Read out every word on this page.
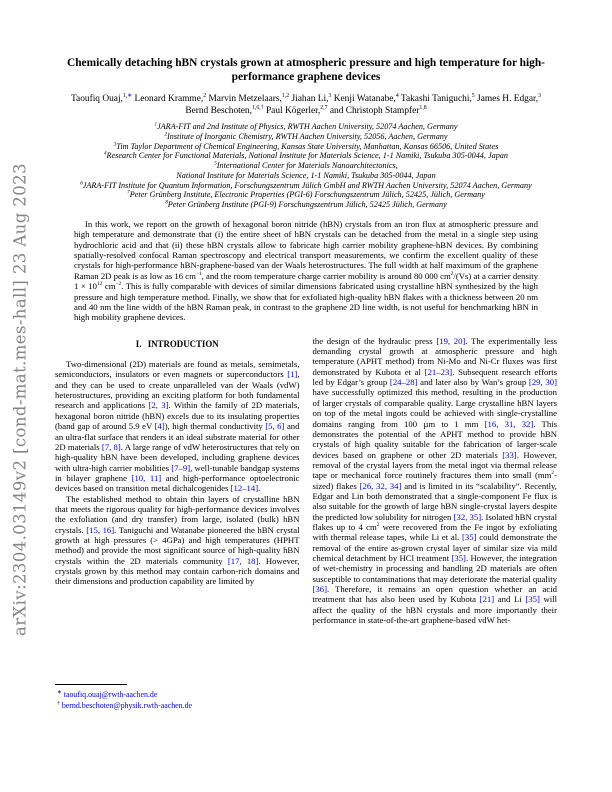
arXiv:2304.03149v2 [cond-mat.mes-hall] 23 Aug 2023
Chemically detaching hBN crystals grown at atmospheric pressure and high temperature for high-performance graphene devices
Taoufiq Ouaj,$^{1,∗}$ Leonard Kramme,$^2$ Marvin Metzelaars,$^{1,2}$ Jiahan Li,$^3$ Kenji Watanabe,$^4$ Takashi Taniguchi,$^5$ James H. Edgar,$^3$ Bernd Beschoten,$^{1,6,\dagger}$ Paul Kögerler,$^{2,7}$ and Christoph Stampfer$^{1,8}$
$^1$JARA-FIT and 2nd Institute of Physics, RWTH Aachen University, 52074 Aachen, Germany
$^2$Institute of Inorganic Chemistry, RWTH Aachen University, 52056, Aachen, Germany
$^3$Tim Taylor Department of Chemical Engineering, Kansas State University, Manhattan, Kansas 66506, United States
$^4$Research Center for Functional Materials, National Institute for Materials Science, 1-1 Namiki, Tsukuba 305-0044, Japan
$^5$International Center for Materials Nanoarchitectonics,
National Institute for Materials Science, 1-1 Namiki, Tsukuba 305-0044, Japan
$^6$JARA-FIT Institute for Quantum Information, Forschungszentrum Jülich GmbH and RWTH Aachen University, 52074 Aachen, Germany
$^7$Peter Grünberg Institute, Electronic Properties (PGI-6) Forschungszentrum Jülich, 52425, Jülich, Germany
$^8$Peter Grünberg Institute (PGI-9) Forschungszentrum Jülich, 52425 Jülich, Germany
In this work, we report on the growth of hexagonal boron nitride (hBN) crystals from an iron flux at atmospheric pressure and high temperature and demonstrate that (i) the entire sheet of hBN crystals can be detached from the metal in a single step using hydrochloric acid and that (ii) these hBN crystals allow to fabricate high carrier mobility graphene-hBN devices. By combining spatially-resolved confocal Raman spectroscopy and electrical transport measurements, we confirm the excellent quality of these crystals for high-performance hBN-graphene-based van der Waals heterostructures. The full width at half maximum of the graphene Raman 2D peak is as low as 16 $cm^{-1}$, and the room temperature charge carrier mobility is around 80 000 $cm^2/(Vs)$ at a carrier density $1 \times 10^{12}$ $cm^{-2}$. This is fully comparable with devices of similar dimensions fabricated using crystalline hBN synthesized by the high pressure and high temperature method. Finally, we show that for exfoliated high-quality hBN flakes with a thickness between 20 nm and 40 nm the line width of the hBN Raman peak, in contrast to the graphene 2D line width, is not useful for benchmarking hBN in high mobility graphene devices.
I. INTRODUCTION

Two-dimensional (2D) materials are found as metals, semimetals, semiconductors, insulators or even magnets or superconductors [1], and they can be used to create unparalleled van der Waals (vdW) heterostructures, providing an exciting platform for both fundamental research and applications [2, 3]. Within the family of 2D materials, hexagonal boron nitride (hBN) excels due to its insulating properties (band gap of around 5.9 eV [4]), high thermal conductivity [5, 6] and an ultra-flat surface that renders it an ideal substrate material for other 2D materials [7, 8]. A large range of vdW heterostructures that rely on high-quality hBN have been developed, including graphene devices with ultra-high carrier mobilities [7–9], well-tunable bandgap systems in bilayer graphene [10, 11] and high-performance optoelectronic devices based on transition metal dichalcogenides [12–14].

The established method to obtain thin layers of crystalline hBN that meets the rigorous quality for high-performance devices involves the exfoliation (and dry transfer) from large, isolated (bulk) hBN crystals. [15, 16]. Taniguchi and Watanabe pioneered the hBN crystal growth at high pressures (> 4GPa) and high temperatures (HPHT method) and provide the most significant source of high-quality hBN crystals within the 2D materials community [17, 18]. However, crystals grown by this method may contain carbon-rich domains and their dimensions and production capability are limited by

the design of the hydraulic press [19, 20]. The experimentally less demanding crystal growth at atmospheric pressure and high temperature (APHT method) from Ni-Mo and Ni-Cr fluxes was first demonstrated by Kubota et al [21–23]. Subsequent research efforts led by Edgar’s group [24–28] and later also by Wan’s group [29, 30] have successfully optimized this method, resulting in the production of larger crystals of comparable quality. Large crystalline hBN layers on top of the metal ingots could be achieved with single-crystalline domains ranging from 100 µm to 1 mm [16, 31, 32]. This demonstrates the potential of the APHT method to provide hBN crystals of high quality suitable for the fabrication of larger-scale devices based on graphene or other 2D materials [33]. However, removal of the crystal layers from the metal ingot via thermal release tape or mechanical force routinely fractures them into small $(mm^2-sized)$ flakes [26, 32, 34] and is limited in its “scalability”. Recently, Edgar and Lin both demonstrated that a single-component Fe flux is also suitable for the growth of large hBN single-crystal layers despite the predicted low solubility for nitrogen [32, 35]. Isolated hBN crystal flakes up to 4 $cm^2$ were recovered from the Fe ingot by exfoliating with thermal release tapes, while Li et al. [35] could demonstrate the removal of the entire as-grown crystal layer of similar size via mild chemical detachment by HCl treatment [35]. However, the integration of wet-chemistry in processing and handling 2D materials are often susceptible to contaminations that may deteriorate the material quality [36]. Therefore, it remains an open question whether an acid treatment that has also been used by Kubota [21] and Li [35] will affect the quality of the hBN crystals and more importantly their performance in state-of-the-art graphene-based vdW het-

∗ taoufiq.ouaj@rwth-aachen.de
† bernd.beschoten@physik.rwth-aachen.de
